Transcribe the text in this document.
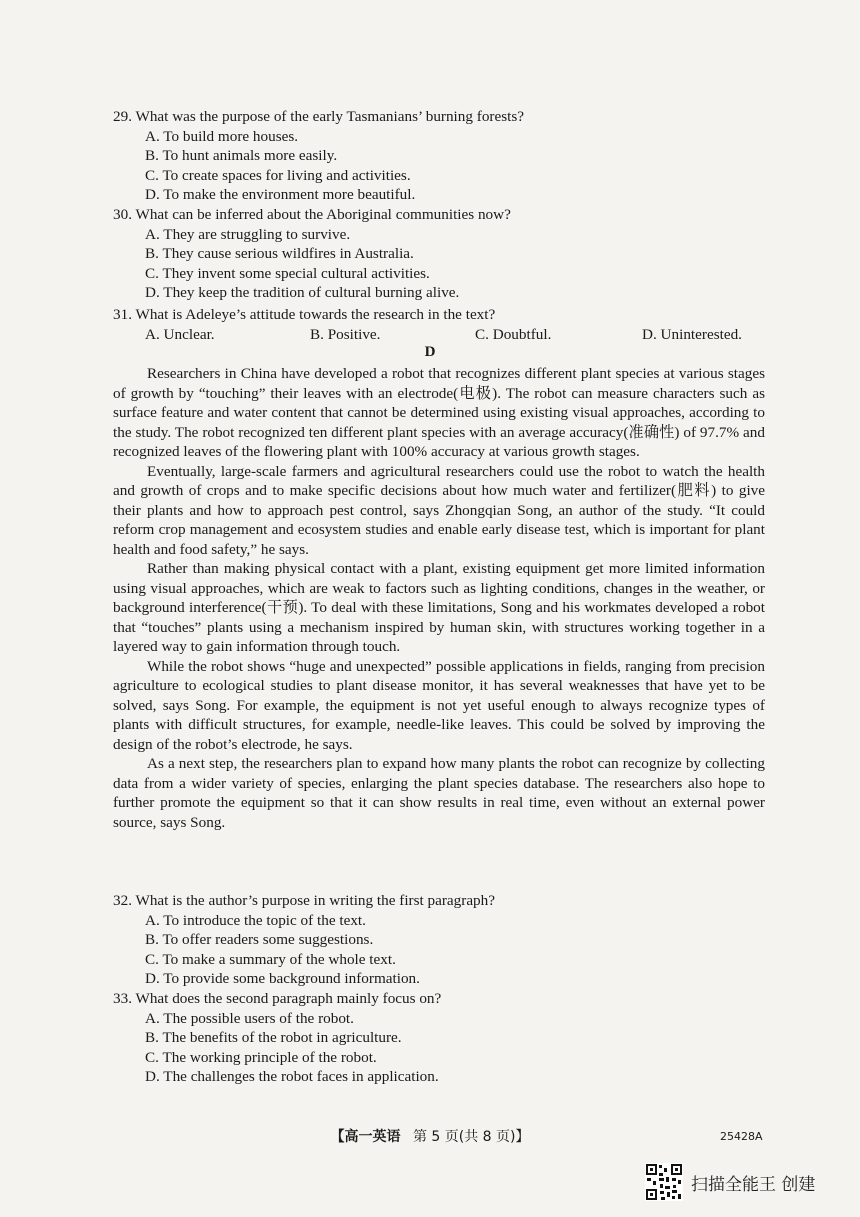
29. What was the purpose of the early Tasmanians’ burning forests?
A. To build more houses.
B. To hunt animals more easily.
C. To create spaces for living and activities.
D. To make the environment more beautiful.
30. What can be inferred about the Aboriginal communities now?
A. They are struggling to survive.
B. They cause serious wildfires in Australia.
C. They invent some special cultural activities.
D. They keep the tradition of cultural burning alive.
31. What is Adeleye’s attitude towards the research in the text?
A. Unclear.	B. Positive.	C. Doubtful.	D. Uninterested.
D

Researchers in China have developed a robot that recognizes different plant species at various stages of growth by “touching” their leaves with an electrode(电极). The robot can measure characters such as surface feature and water content that cannot be determined using existing visual approaches, according to the study. The robot recognized ten different plant species with an average accuracy(准确性) of 97.7% and recognized leaves of the flowering plant with 100% accuracy at various growth stages.

Eventually, large-scale farmers and agricultural researchers could use the robot to watch the health and growth of crops and to make specific decisions about how much water and fertilizer(肥料) to give their plants and how to approach pest control, says Zhongqian Song, an author of the study. “It could reform crop management and ecosystem studies and enable early disease test, which is important for plant health and food safety,” he says.

Rather than making physical contact with a plant, existing equipment get more limited information using visual approaches, which are weak to factors such as lighting conditions, changes in the weather, or background interference(干预). To deal with these limitations, Song and his workmates developed a robot that “touches” plants using a mechanism inspired by human skin, with structures working together in a layered way to gain information through touch.

While the robot shows “huge and unexpected” possible applications in fields, ranging from precision agriculture to ecological studies to plant disease monitor, it has several weaknesses that have yet to be solved, says Song. For example, the equipment is not yet useful enough to always recognize types of plants with difficult structures, for example, needle-like leaves. This could be solved by improving the design of the robot’s electrode, he says.

As a next step, the researchers plan to expand how many plants the robot can recognize by collecting data from a wider variety of species, enlarging the plant species database. The researchers also hope to further promote the equipment so that it can show results in real time, even without an external power source, says Song.

32. What is the author’s purpose in writing the first paragraph?
A. To introduce the topic of the text.
B. To offer readers some suggestions.
C. To make a summary of the whole text.
D. To provide some background information.
33. What does the second paragraph mainly focus on?
A. The possible users of the robot.
B. The benefits of the robot in agriculture.
C. The working principle of the robot.
D. The challenges the robot faces in application.
【高一英语 第 5 页(共 8 页)】	25428A
扫描全能王 创建
